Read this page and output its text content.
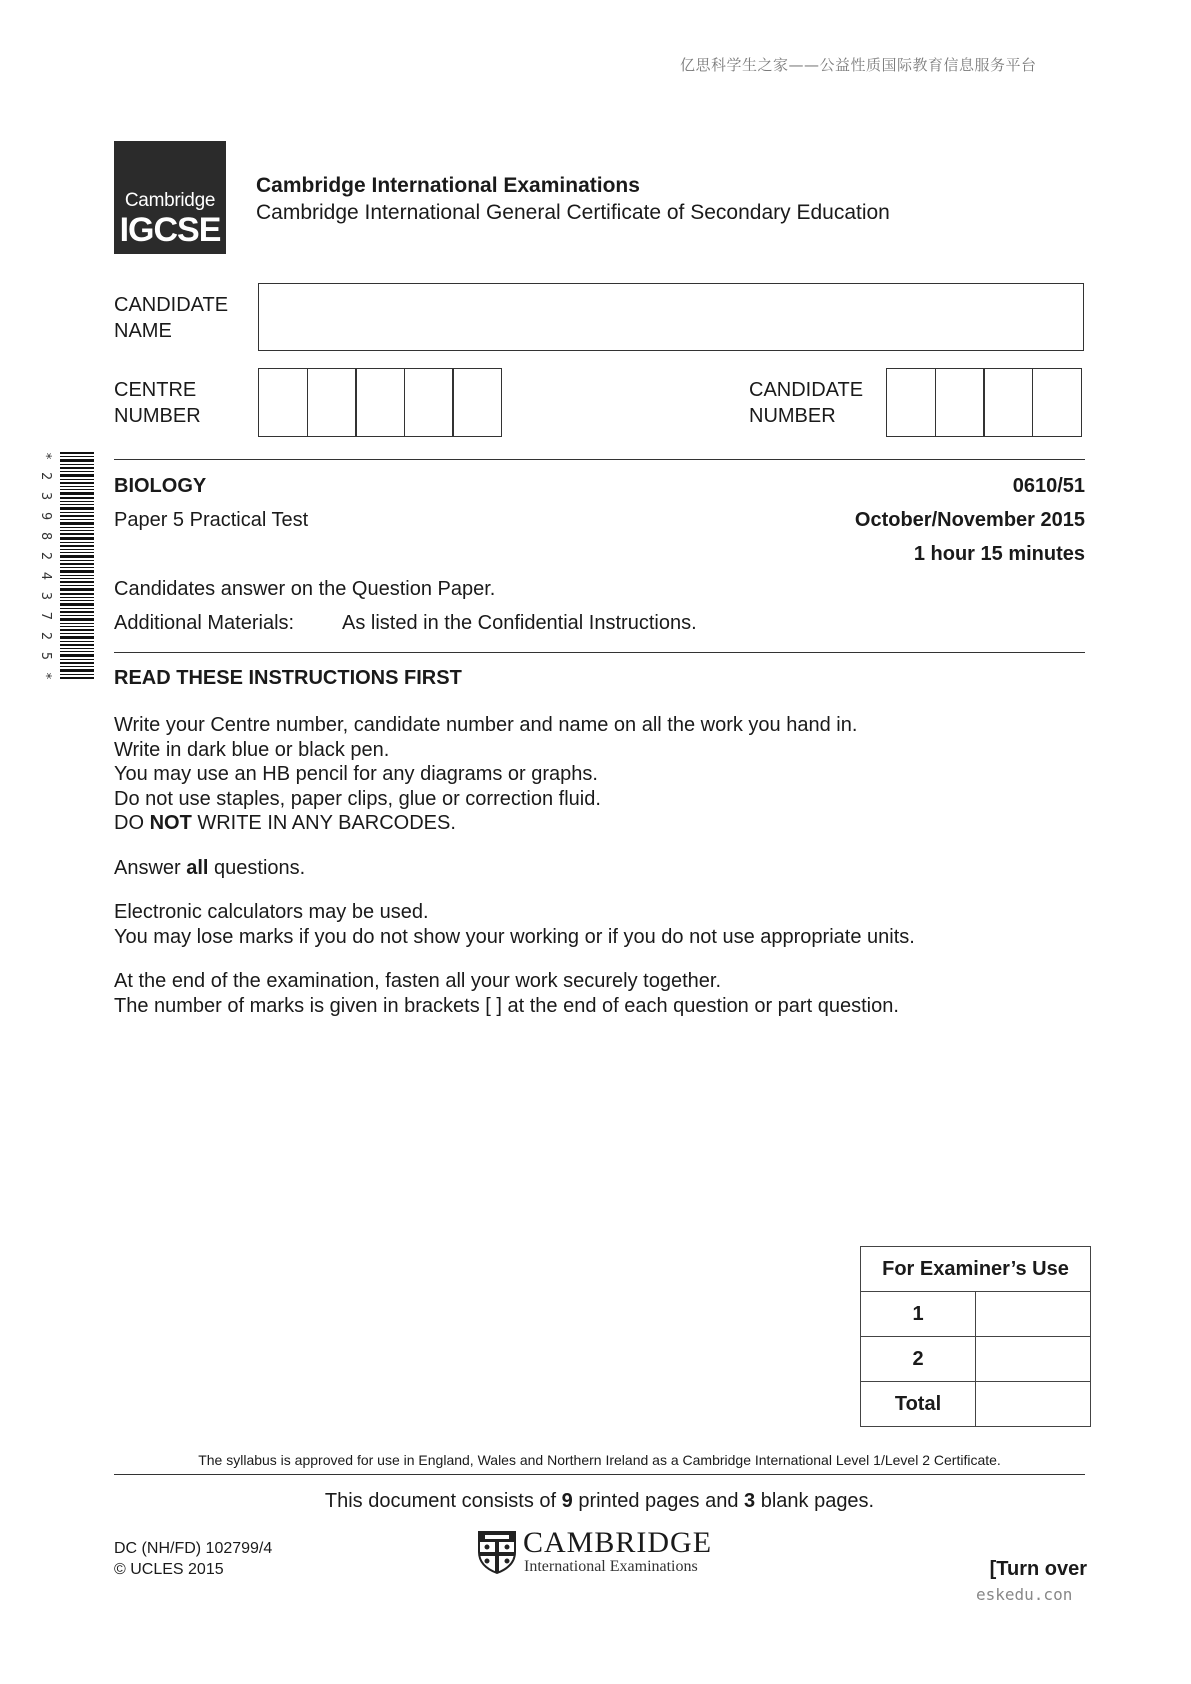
亿思科学生之家——公益性质国际教育信息服务平台
Cambridge
IGCSE
Cambridge International Examinations
Cambridge International General Certificate of Secondary Education
CANDIDATE
NAME
CENTRE
NUMBER
CANDIDATE
NUMBER
*2398243725*
BIOLOGY	0610/51
Paper 5 Practical Test	October/November 2015
1 hour 15 minutes
Candidates answer on the Question Paper.
Additional Materials: As listed in the Confidential Instructions.
READ THESE INSTRUCTIONS FIRST

Write your Centre number, candidate number and name on all the work you hand in.

Write in dark blue or black pen.

You may use an HB pencil for any diagrams or graphs.

Do not use staples, paper clips, glue or correction fluid.

DO NOT WRITE IN ANY BARCODES.

Answer all questions.

Electronic calculators may be used.

You may lose marks if you do not show your working or if you do not use appropriate units.

At the end of the examination, fasten all your work securely together.

The number of marks is given in brackets [ ] at the end of each question or part question.

For Examiner’s Use	
1	
2	
Total	
The syllabus is approved for use in England, Wales and Northern Ireland as a Cambridge International Level 1/Level 2 Certificate.
This document consists of 9 printed pages and 3 blank pages.
DC (NH/FD) 102799/4
© UCLES 2015
CAMBRIDGE
International Examinations	[Turn over
eskedu.con
